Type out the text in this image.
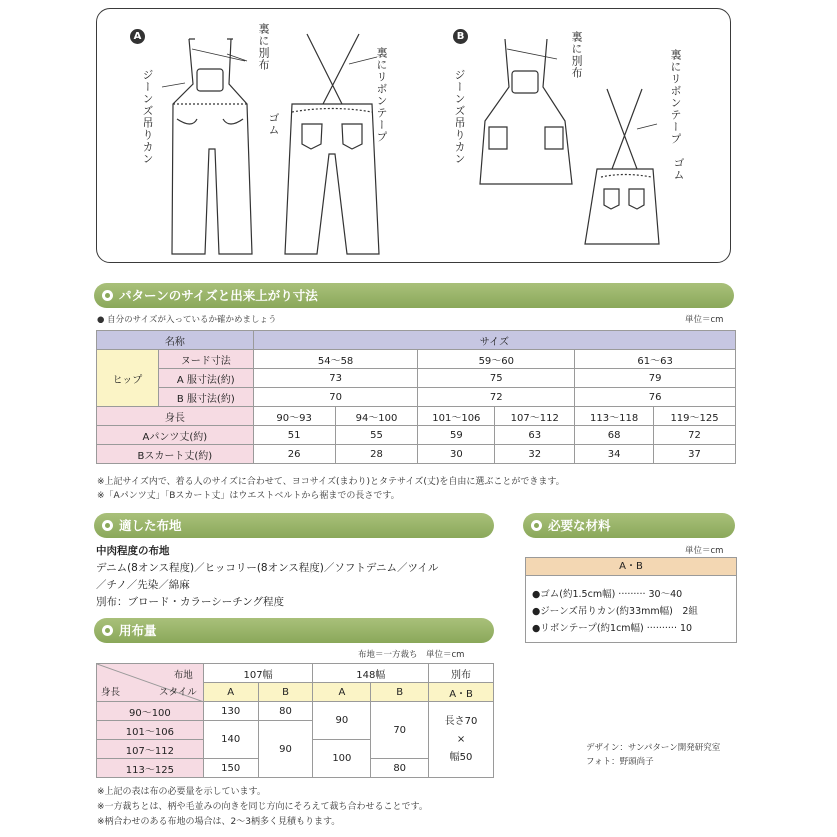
A	裏に別布
ジーンズ吊りカン	裏にリボンテープ
ゴム
B	裏に別布
ジーンズ吊りカン	裏にリボンテープ
ゴム
パターンのサイズと出来上がり寸法
● 自分のサイズが入っているか確かめましょう	単位＝cm
名称		サイズ					
ヒップ	ヌード寸法	54〜58		59〜60		61〜63	
	A 服寸法(約)	73		75		79	
	B 服寸法(約)	70		72		76	
身長		90〜93	94〜100	101〜106	107〜112	113〜118	119〜125
Aパンツ丈(約)		51	55	59	63	68	72
Bスカート丈(約)		26	28	30	32	34	37
※上記サイズ内で、着る人のサイズに合わせて、ヨコサイズ(まわり)とタテサイズ(丈)を自由に選ぶことができます。
※「Aパンツ丈」「Bスカート丈」はウエストベルトから裾までの長さです。
適した布地
中肉程度の布地
デニム(8オンス程度)／ヒッコリー(8オンス程度)／ソフトデニム／ツイル
／チノ／先染／綿麻
別布：ブロード・カラーシーチング程度
必要な材料
単位＝cm
A・B
●ゴム(約1.5cm幅) ········· 30〜40
●ジーンズ吊りカン(約33mm幅)　2組
●リボンテープ(約1cm幅) ·········· 10
用布量
布地＝一方裁ち　単位＝cm
布地
身長 スタイル	107幅		148幅		別布
	A	B	A	B	A・B
90〜100	130	80	90	70	長さ70
×
幅50

101〜106	140	90			
107〜112			100		
113〜125	150			80	
※上記の表は布の必要量を示しています。
※一方裁ちとは、柄や毛並みの向きを同じ方向にそろえて裁ち合わせることです。
※柄合わせのある布地の場合は、2〜3柄多く見積もります。
デザイン：サンパターン開発研究室
フォト：野頭尚子
